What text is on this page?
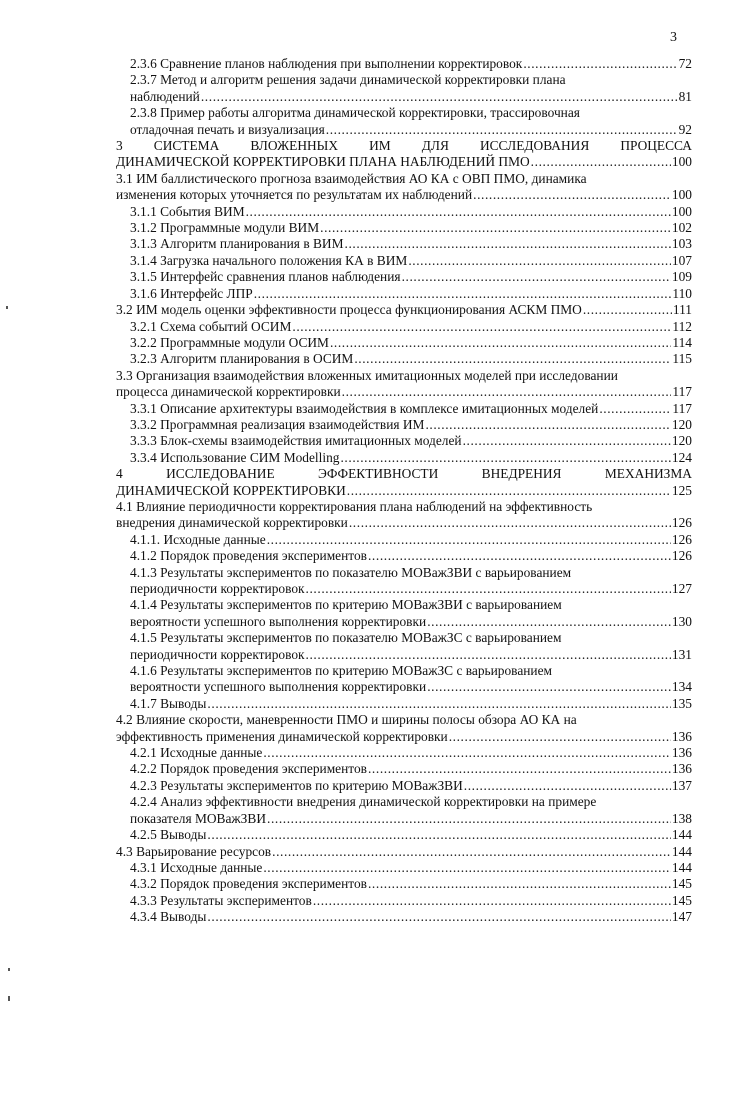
3
2.3.6 Сравнение планов наблюдения при выполнении корректировок .....	72
2.3.7 Метод и алгоритм решения задачи динамической корректировки плана
наблюдений .....	81
2.3.8 Пример работы алгоритма динамической корректировки, трассировочная
отладочная печать и визуализация .....	92
3 СИСТЕМА ВЛОЖЕННЫХ ИМ ДЛЯ ИССЛЕДОВАНИЯ ПРОЦЕССА
ДИНАМИЧЕСКОЙ КОРРЕКТИРОВКИ ПЛАНА НАБЛЮДЕНИЙ ПМО .....	100
3.1 ИМ баллистического прогноза взаимодействия АО КА с ОВП ПМО, динамика
изменения которых уточняется по результатам их наблюдений .....	100
3.1.1 События ВИМ .....	100
3.1.2 Программные модули ВИМ .....	102
3.1.3 Алгоритм планирования в ВИМ .....	103
3.1.4 Загрузка начального положения КА в ВИМ .....	107
3.1.5 Интерфейс сравнения планов наблюдения .....	109
3.1.6 Интерфейс ЛПР .....	110
3.2 ИМ модель оценки эффективности процесса функционирования АСКМ ПМО .....	111
3.2.1 Схема событий ОСИМ .....	112
3.2.2 Программные модули ОСИМ .....	114
3.2.3 Алгоритм планирования в ОСИМ .....	115
3.3 Организация взаимодействия вложенных имитационных моделей при исследовании
процесса динамической корректировки .....	117
3.3.1 Описание архитектуры взаимодействия в комплексе имитационных моделей .....	117
3.3.2 Программная реализация взаимодействия ИМ .....	120
3.3.3 Блок-схемы взаимодействия имитационных моделей .....	120
3.3.4 Использование СИМ Modelling .....	124
4	ИССЛЕДОВАНИЕ	ЭФФЕКТИВНОСТИ	ВНЕДРЕНИЯ	МЕХАНИЗМА
ДИНАМИЧЕСКОЙ КОРРЕКТИРОВКИ .....	125
4.1 Влияние периодичности корректирования плана наблюдений на эффективность
внедрения динамической корректировки .....	126
4.1.1. Исходные данные .....	126
4.1.2 Порядок проведения экспериментов .....	126
4.1.3 Результаты экспериментов по показателю МОВажЗВИ с варьированием
периодичности корректировок .....	127
4.1.4 Результаты экспериментов по критерию МОВажЗВИ с варьированием
вероятности успешного выполнения корректировки .....	130
4.1.5 Результаты экспериментов по показателю МОВажЗС с варьированием
периодичности корректировок .....	131
4.1.6 Результаты экспериментов по критерию МОВажЗС с варьированием
вероятности успешного выполнения корректировки .....	134
4.1.7 Выводы .....	135
4.2 Влияние скорости, маневренности ПМО и ширины полосы обзора АО КА на
эффективность применения динамической корректировки .....	136
4.2.1 Исходные данные .....	136
4.2.2 Порядок проведения экспериментов .....	136
4.2.3 Результаты экспериментов по критерию МОВажЗВИ .....	137
4.2.4 Анализ эффективности внедрения динамической корректировки на примере
показателя МОВажЗВИ .....	138
4.2.5 Выводы .....	144
4.3 Варьирование ресурсов .....	144
4.3.1 Исходные данные .....	144
4.3.2 Порядок проведения экспериментов .....	145
4.3.3 Результаты экспериментов .....	145
4.3.4 Выводы .....	147
